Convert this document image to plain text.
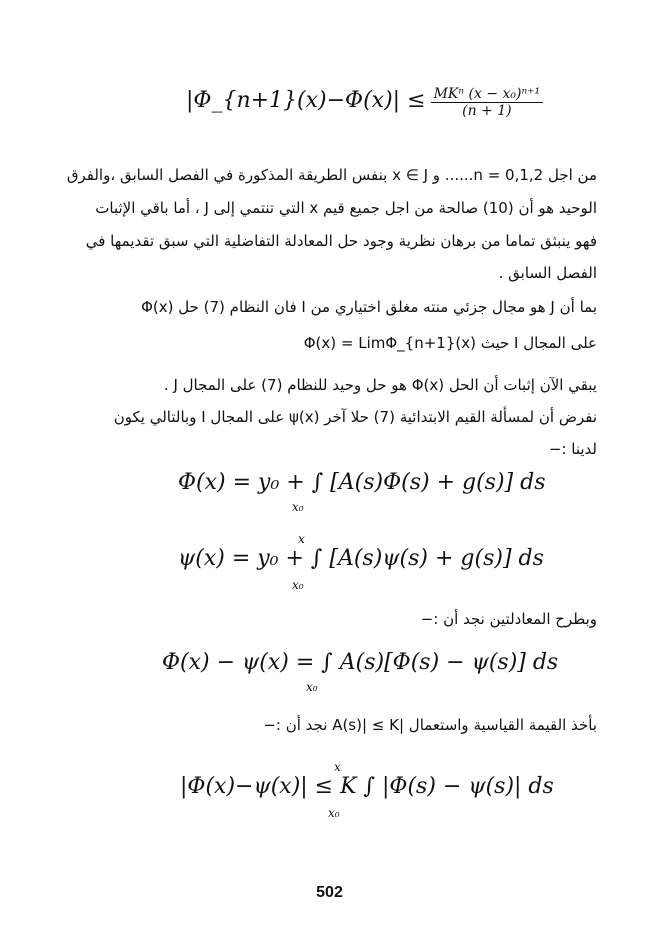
|Φ_{n+1}(x)−Φ(x)| ≤ $\frac{\text{MKⁿ (x − x₀)ⁿ⁺¹}}{(n + 1)}$
من اجل n = 0,1,2...... و x ∈ J بنفس الطريقة المذكورة في الفصل السابق ،والفرق
الوحيد هو أن (10) صالحة من اجل جميع قيم x التي تنتمي إلى J ، أما باقي الإثبات
فهو ينبثق تماما من برهان نظرية وجود حل المعادلة التفاضلية التي سبق تقديمها في
الفصل السابق .
بما أن J هو مجال جزئي منته مغلق اختياري من I فان النظام (7) حل Φ(x)
على المجال I حيث Φ(x) = LimΦ_{n+1}(x)
يبقي الآن إثبات أن الحل Φ(x) هو حل وحيد للنظام (7) على المجال J .
نفرض أن لمسألة القيم الابتدائية (7) حلا آخر ψ(x) على المجال I وبالتالي يكون
لدينا :−
Φ(x) = y₀ + ∫ [A(s)Φ(s) + g(s)] ds
x₀
x
ψ(x) = y₀ + ∫ [A(s)ψ(s) + g(s)] ds
x₀
وبطرح المعادلتين نجد أن :−
Φ(x) − ψ(x) = ∫ A(s)[Φ(s) − ψ(s)] ds
x₀
بأخذ القيمة القياسية واستعمال |A(s)| ≤ K نجد أن :−
x
|Φ(x)−ψ(x)| ≤ K ∫ |Φ(s) − ψ(s)| ds
x₀
502
